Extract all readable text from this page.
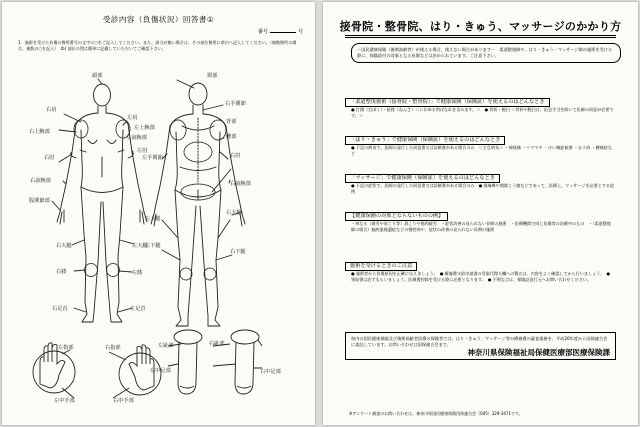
受診内容（負傷状況）回答書①
番号	号
1．施術を受けた負傷の箇所番号の文字に○をご記入してください。また、該当が無い場合は、その部位箇所に余白へ記入してください。（複数箇所の場合、複数の○を記入）　(b) 部位の図は簡単に記載していただいてご確認下さい。
頭部
右肩
左肩
右上腕部
左上腕部
右肘
左肘
右前腕部
左前腕部
股関節部
右大腿	左大腿
右膝	左膝
右足首	左足首
頸部
右手関節
背部
腰部
右肘
左手関節
右前腕部
右大腿
左大腿
左下腿
右下腿
左指部	右指部
左中手部	右中手部
左趾部	右趾部
左中足部	右中足部
接骨院・整骨院、はり・きゅう、マッサージのかかり方
－国民健康保険（後期高齢者）が使える場合、使えない場合があります－　柔道整復師や、はり・きゅう・マッサージ師の施術を受ける際に、保険給付の対象となる負傷などは決められています。ご注意下さい。
「柔道整復施術（接骨院・整骨院）」で健康保険（保険証）を使えるのはどんなとき
● 打撲（打ぼく）・捻挫（ねんざ）＜いわゆる肉ばなれを含みます。＞　● 骨折・脱臼 ＜骨折や脱臼は、応急手当を除いて医師の同意が必要です。＞
「はり・きゅう」で健康保険（保険証）を使えるのはどんなとき
● 下記の病気で、医師の発行した同意書又は診断書がある場合のみ　＜主な病気＞ ・神経痛 ・リウマチ ・けい腕症候群 ・五十肩 ・腰痛症など
「マッサージ」で健康保険（保険証）を使えるのはどんなとき
● 下記の症状で、医師の発行した同意書又は診断書がある場合のみ　● 筋麻痺や関節こう縮などであって、医療上、マッサージを必要とする症例
【健康保険の対象とならないものの例】
・単なる（疲労や肩こり等）肩こりや筋肉疲労　・症状改善の見られない長期の施術　・医療機関で同じ負傷等の治療中のもの　・（柔道整復師の場合）脳疾患後遺症などの慢性病や、症状の改善の見られない長期の施術
施術を受けるときのご注意
● 施術者から負傷原因を正確に伝えましょう。　● 療養費支給申請書の受取代理人欄への署名は、内容をよく確認してから行いましょう。　● 領収書は必ずもらいましょう。医療費控除を受ける際に必要となります。　● 不明な点は、保険証発行元へお問い合わせください。
県内の国民健康保険及び後期高齢者医療の保険者では、はり・きゅう、マッサージ等の療養費の審査業務を、平成20年度から国保連合会に委託しています。お問い合わせは国保連合会まで。
神奈川県保険福祉局保健医療部医療保険課
※アンケート調査のお問い合わせは、神奈川県国民健康保険団体連合会（045）329-3471です。
